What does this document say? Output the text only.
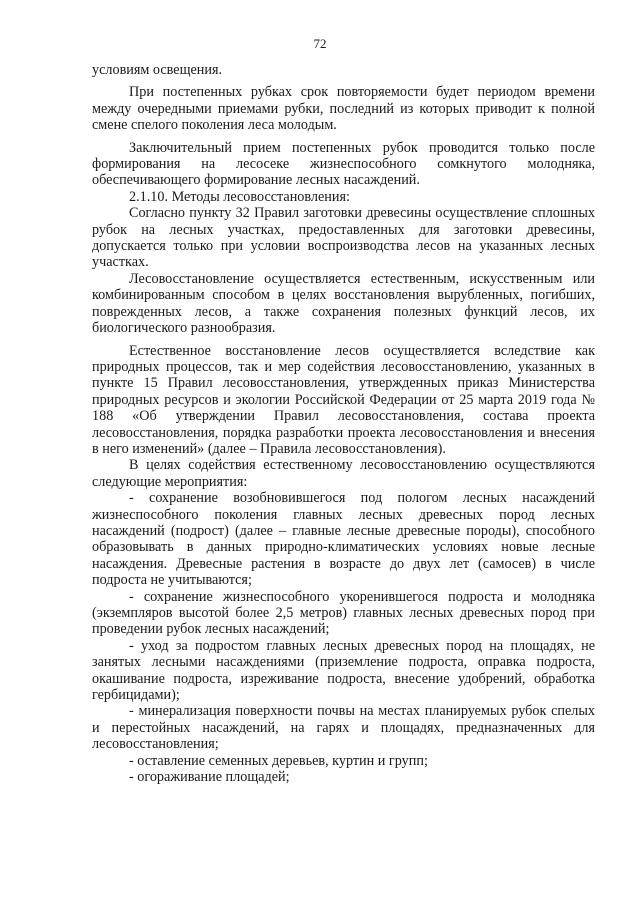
72

условиям освещения.

При постепенных рубках срок повторяемости будет периодом времени между очередными приемами рубки, последний из которых приводит к полной смене спелого поколения леса молодым.

Заключительный прием постепенных рубок проводится только после формирования на лесосеке жизнеспособного сомкнутого молодняка, обеспечивающего формирование лесных насаждений.

2.1.10. Методы лесовосстановления:

Согласно пункту 32 Правил заготовки древесины осуществление сплошных рубок на лесных участках, предоставленных для заготовки древесины, допускается только при условии воспроизводства лесов на указанных лесных участках.

Лесовосстановление осуществляется естественным, искусственным или комбинированным способом в целях восстановления вырубленных, погибших, поврежденных лесов, а также сохранения полезных функций лесов, их биологического разнообразия.

Естественное восстановление лесов осуществляется вследствие как природных процессов, так и мер содействия лесовосстановлению, указанных в пункте 15 Правил лесовосстановления, утвержденных приказ Министерства природных ресурсов и экологии Российской Федерации от 25 марта 2019 года № 188 «Об утверждении Правил лесовосстановления, состава проекта лесовосстановления, порядка разработки проекта лесовосстановления и внесения в него изменений» (далее – Правила лесовосстановления).

В целях содействия естественному лесовосстановлению осуществляются следующие мероприятия:

- сохранение возобновившегося под пологом лесных насаждений жизнеспособного поколения главных лесных древесных пород лесных насаждений (подрост) (далее – главные лесные древесные породы), способного образовывать в данных природно-климатических условиях новые лесные насаждения. Древесные растения в возрасте до двух лет (самосев) в числе подроста не учитываются;

- сохранение жизнеспособного укоренившегося подроста и молодняка (экземпляров высотой более 2,5 метров) главных лесных древесных пород при проведении рубок лесных насаждений;

- уход за подростом главных лесных древесных пород на площадях, не занятых лесными насаждениями (приземление подроста, оправка подроста, окашивание подроста, изреживание подроста, внесение удобрений, обработка гербицидами);

- минерализация поверхности почвы на местах планируемых рубок спелых и перестойных насаждений, на гарях и площадях, предназначенных для лесовосстановления;

- оставление семенных деревьев, куртин и групп;

- огораживание площадей;
